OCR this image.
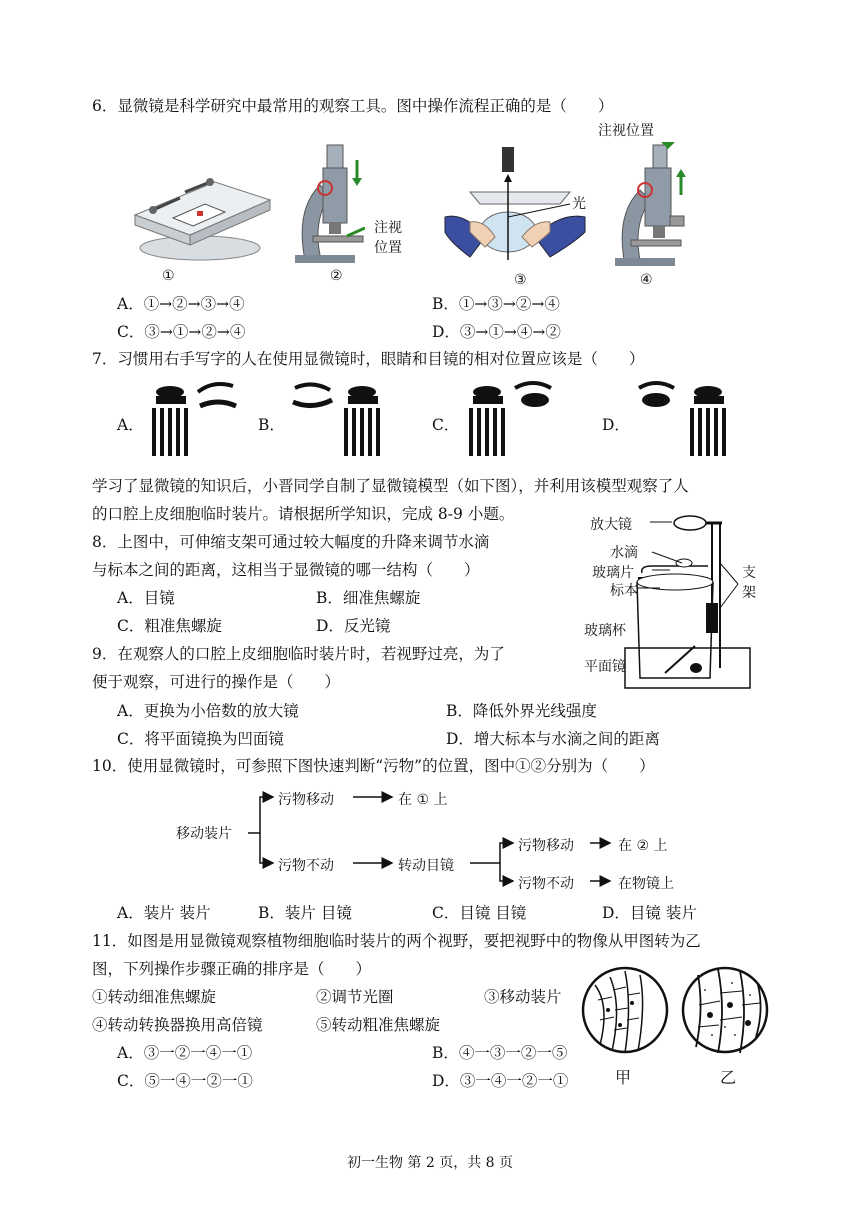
6．显微镜是科学研究中最常用的观察工具。图中操作流程正确的是（　　）
①
注视
位置
②
光
③
注视位置
④
A．①→②→③→④	B．①→③→②→④
C．③→①→②→④	D．③→①→④→②
7．习惯用右手写字的人在使用显微镜时，眼睛和目镜的相对位置应该是（　　）
A．	B．	C．	D．
学习了显微镜的知识后，小晋同学自制了显微镜模型（如下图），并利用该模型观察了人
的口腔上皮细胞临时装片。请根据所学知识，完成 8-9 小题。
放大镜
水滴
玻璃片
标本
支
架
玻璃杯
平面镜
8．上图中，可伸缩支架可通过较大幅度的升降来调节水滴
与标本之间的距离，这相当于显微镜的哪一结构（　　）
A．目镜	B．细准焦螺旋
C．粗准焦螺旋	D．反光镜
9．在观察人的口腔上皮细胞临时装片时，若视野过亮，为了
便于观察，可进行的操作是（　　）
A．更换为小倍数的放大镜	B．降低外界光线强度
C．将平面镜换为凹面镜	D．增大标本与水滴之间的距离
10．使用显微镜时，可参照下图快速判断“污物”的位置，图中①②分别为（　　）
移动装片
污物移动	在 ① 上
污物不动	转动目镜
污物移动	在 ② 上
污物不动	在物镜上
A．装片 装片	B．装片 目镜	C．目镜 目镜	D．目镜 装片
11．如图是用显微镜观察植物细胞临时装片的两个视野，要把视野中的物像从甲图转为乙
图，下列操作步骤正确的排序是（　　）
①转动细准焦螺旋	②调节光圈	③移动装片
④转动转换器换用高倍镜	⑤转动粗准焦螺旋
A．③一②一④一①	B．④一③一②一⑤
C．⑤一④一②一①	D．③一④一②一①	甲	乙
初一生物 第 2 页，共 8 页
